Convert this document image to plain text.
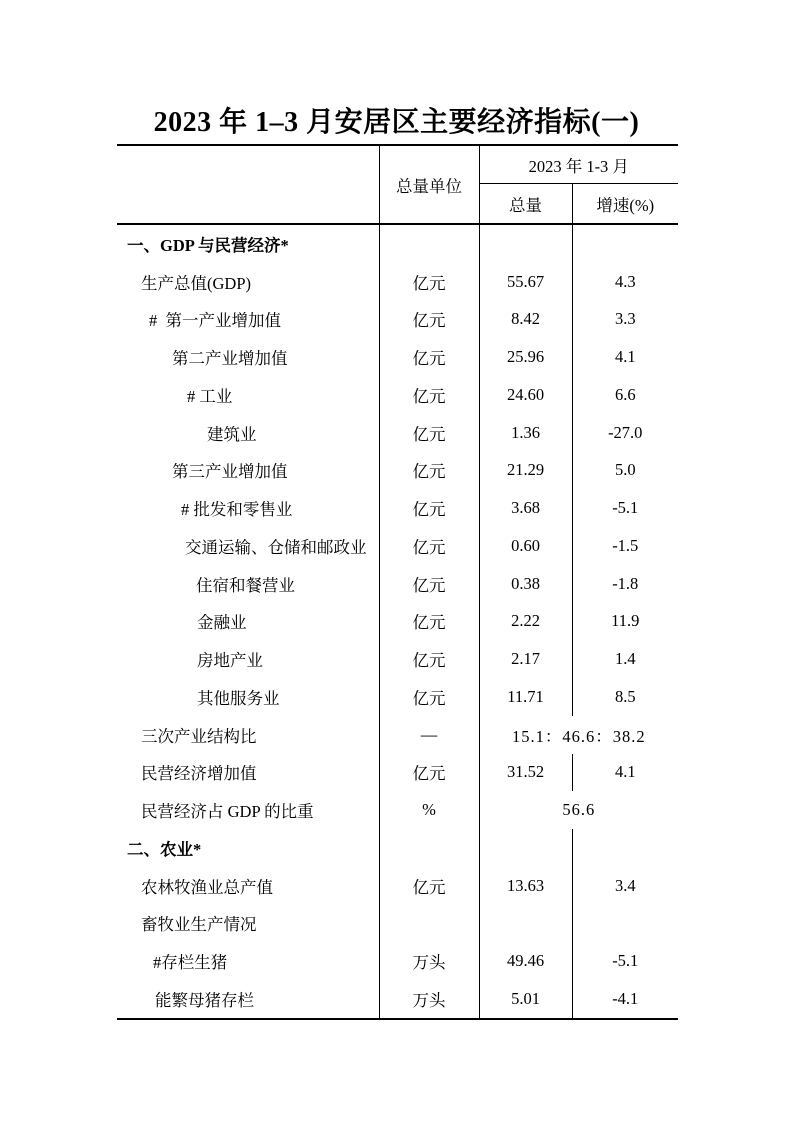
2023 年 1–3 月安居区主要经济指标(一)
	总量单位	2023 年 1-3 月	
		总量	增速(%)
一、GDP 与民营经济*			
生产总值(GDP)	亿元	55.67	4.3
#  第一产业增加值	亿元	8.42	3.3
第二产业增加值	亿元	25.96	4.1
# 工业	亿元	24.60	6.6
建筑业	亿元	1.36	-27.0
第三产业增加值	亿元	21.29	5.0
# 批发和零售业	亿元	3.68	-5.1
交通运输、仓储和邮政业	亿元	0.60	-1.5
住宿和餐营业	亿元	0.38	-1.8
金融业	亿元	2.22	11.9
房地产业	亿元	2.17	1.4
其他服务业	亿元	11.71	8.5
三次产业结构比	—	15.1：46.6：38.2	
民营经济增加值	亿元	31.52	4.1
民营经济占 GDP 的比重	%	56.6	
二、农业*			
农林牧渔业总产值	亿元	13.63	3.4
畜牧业生产情况			
#存栏生猪	万头	49.46	-5.1
能繁母猪存栏	万头	5.01	-4.1
